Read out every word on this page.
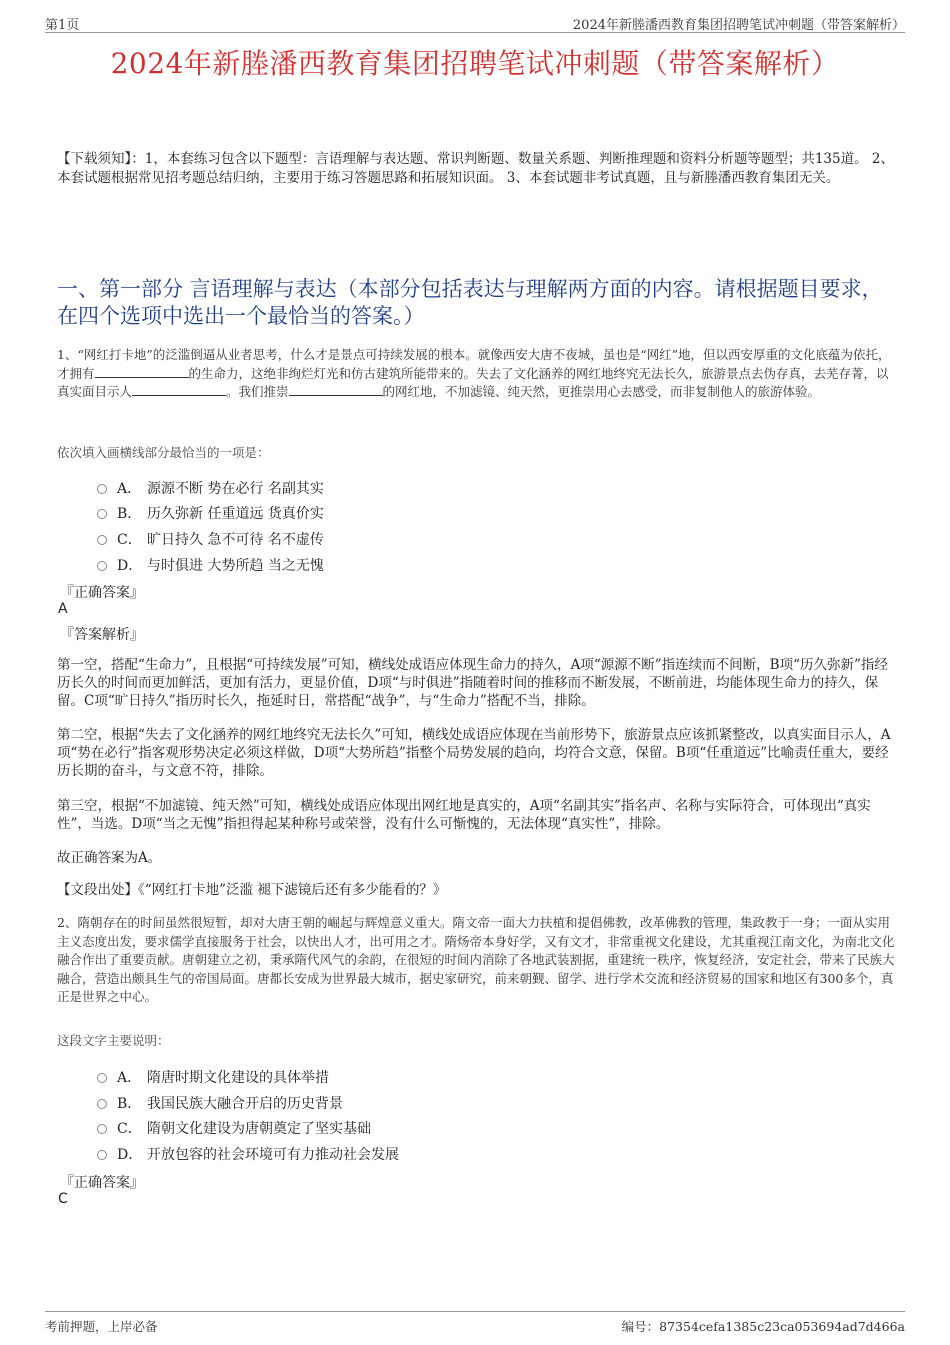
第1页	2024年新塍潘西教育集团招聘笔试冲刺题（带答案解析）
2024年新塍潘西教育集团招聘笔试冲刺题（带答案解析）
【下载须知】：1，本套练习包含以下题型：言语理解与表达题、常识判断题、数量关系题、判断推理题和资料分析题等题型；共135道。 2、本套试题根据常见招考题总结归纳，主要用于练习答题思路和拓展知识面。 3、本套试题非考试真题，且与新塍潘西教育集团无关。
一、第一部分 言语理解与表达（本部分包括表达与理解两方面的内容。请根据题目要求，在四个选项中选出一个最恰当的答案。）
1、“网红打卡地”的泛滥倒逼从业者思考，什么才是景点可持续发展的根本。就像西安大唐不夜城，虽也是“网红”地，但以西安厚重的文化底蕴为依托，才拥有	的生命力，这绝非绚烂灯光和仿古建筑所能带来的。失去了文化涵养的网红地终究无法长久，旅游景点去伪存真，去芜存菁，以真实面目示人	。我们推崇	的网红地，不加滤镜、纯天然，更推崇用心去感受，而非复制他人的旅游体验。
依次填入画横线部分最恰当的一项是：
A． 源源不断 势在必行 名副其实
B． 历久弥新 任重道远 货真价实
C． 旷日持久 急不可待 名不虚传
D． 与时俱进 大势所趋 当之无愧
『正确答案』
A
『答案解析』
第一空，搭配“生命力”，且根据“可持续发展”可知，横线处成语应体现生命力的持久，A项“源源不断”指连续而不间断，B项“历久弥新”指经历长久的时间而更加鲜活，更加有活力，更显价值，D项“与时俱进”指随着时间的推移而不断发展，不断前进，均能体现生命力的持久，保留。C项“旷日持久”指历时长久，拖延时日，常搭配“战争”，与“生命力”搭配不当，排除。
第二空，根据“失去了文化涵养的网红地终究无法长久”可知，横线处成语应体现在当前形势下，旅游景点应该抓紧整改，以真实面目示人，A项“势在必行”指客观形势决定必须这样做，D项“大势所趋”指整个局势发展的趋向，均符合文意，保留。B项“任重道远”比喻责任重大，要经历长期的奋斗，与文意不符，排除。
第三空，根据“不加滤镜、纯天然”可知，横线处成语应体现出网红地是真实的，A项“名副其实”指名声、名称与实际符合，可体现出“真实性”，当选。D项“当之无愧”指担得起某种称号或荣誉，没有什么可惭愧的，无法体现“真实性”，排除。
故正确答案为A。
【文段出处】《“网红打卡地”泛滥 褪下滤镜后还有多少能看的？》
2、隋朝存在的时间虽然很短暂，却对大唐王朝的崛起与辉煌意义重大。隋文帝一面大力扶植和提倡佛教，改革佛教的管理，集政教于一身；一面从实用主义态度出发，要求儒学直接服务于社会，以快出人才，出可用之才。隋炀帝本身好学，又有文才，非常重视文化建设，尤其重视江南文化，为南北文化融合作出了重要贡献。唐朝建立之初，秉承隋代风气的余韵，在很短的时间内消除了各地武装割据，重建统一秩序，恢复经济，安定社会，带来了民族大融合，营造出颇具生气的帝国局面。唐都长安成为世界最大城市，据史家研究，前来朝觐、留学、进行学术交流和经济贸易的国家和地区有300多个，真正是世界之中心。
这段文字主要说明：
A． 隋唐时期文化建设的具体举措
B． 我国民族大融合开启的历史背景
C． 隋朝文化建设为唐朝奠定了坚实基础
D． 开放包容的社会环境可有力推动社会发展
『正确答案』
C
考前押题，上岸必备	编号：87354cefa1385c23ca053694ad7d466a
